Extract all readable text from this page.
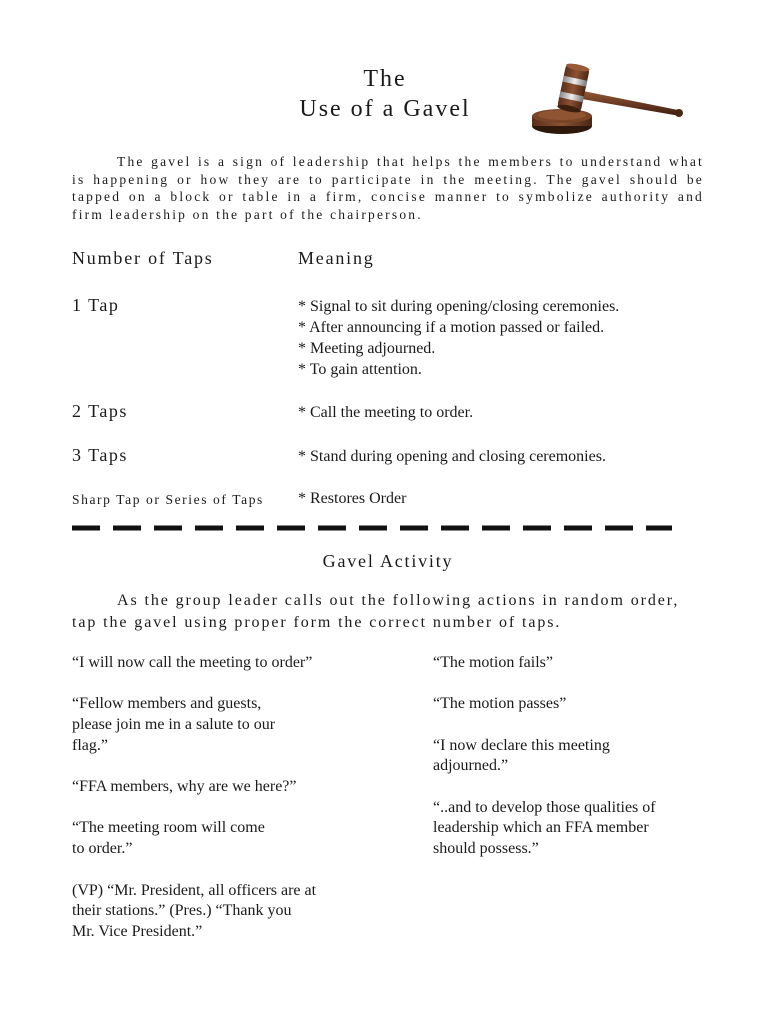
The
Use of a Gavel

The gavel is a sign of leadership that helps the members to understand what is happening or how they are to participate in the meeting. The gavel should be tapped on a block or table in a firm, concise manner to symbolize authority and firm leadership on the part of the chairperson.

Number of Taps	Meaning
1 Tap	* Signal to sit during opening/closing ceremonies.
* After announcing if a motion passed or failed.
* Meeting adjourned.
* To gain attention.
2 Taps	* Call the meeting to order.
3 Taps	* Stand during opening and closing ceremonies.
Sharp Tap or Series of Taps * Restores Order
Gavel Activity

As the group leader calls out the following actions in random order, tap the gavel using proper form the correct number of taps.

“I will now call the meeting to order”

“Fellow members and guests,
please join me in a salute to our
flag.”

“FFA members, why are we here?”

“The meeting room will come
to order.”

(VP) “Mr. President, all officers are at
their stations.” (Pres.) “Thank you
Mr. Vice President.”

“The motion fails”

“The motion passes”

“I now declare this meeting
adjourned.”

“..and to develop those qualities of
leadership which an FFA member
should possess.”
